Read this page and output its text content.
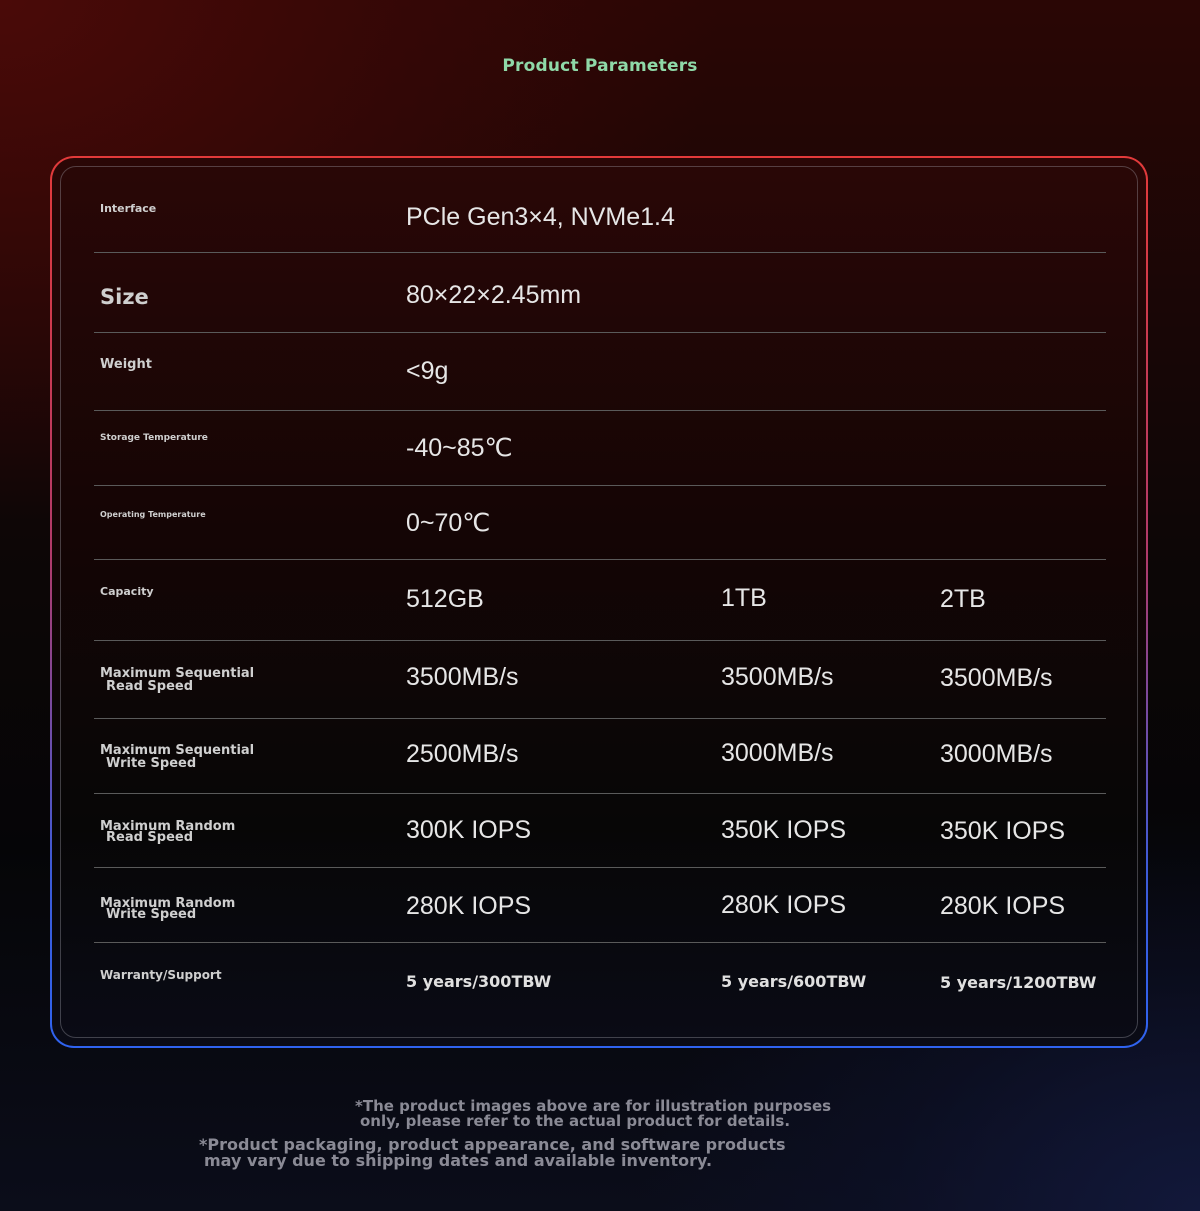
Product Parameters
Interface	PCle Gen3×4, NVMe1.4
Size	80×22×2.45mm
Weight	<9g
Storage Temperature	-40~85℃
Operating Temperature	0~70℃
Capacity	512GB	1TB	2TB
Maximum Sequential
Read Speed	3500MB/s	3500MB/s	3500MB/s
Maximum Sequential
Write Speed	2500MB/s	3000MB/s	3000MB/s
Maximum Random
Read Speed	300K IOPS	350K IOPS	350K IOPS
Maximum Random
Write Speed	280K IOPS	280K IOPS	280K IOPS
Warranty/Support	5 years/300TBW	5 years/600TBW	5 years/1200TBW
*The product images above are for illustration purposes
only, please refer to the actual product for details.
*Product packaging, product appearance, and software products
may vary due to shipping dates and available inventory.
